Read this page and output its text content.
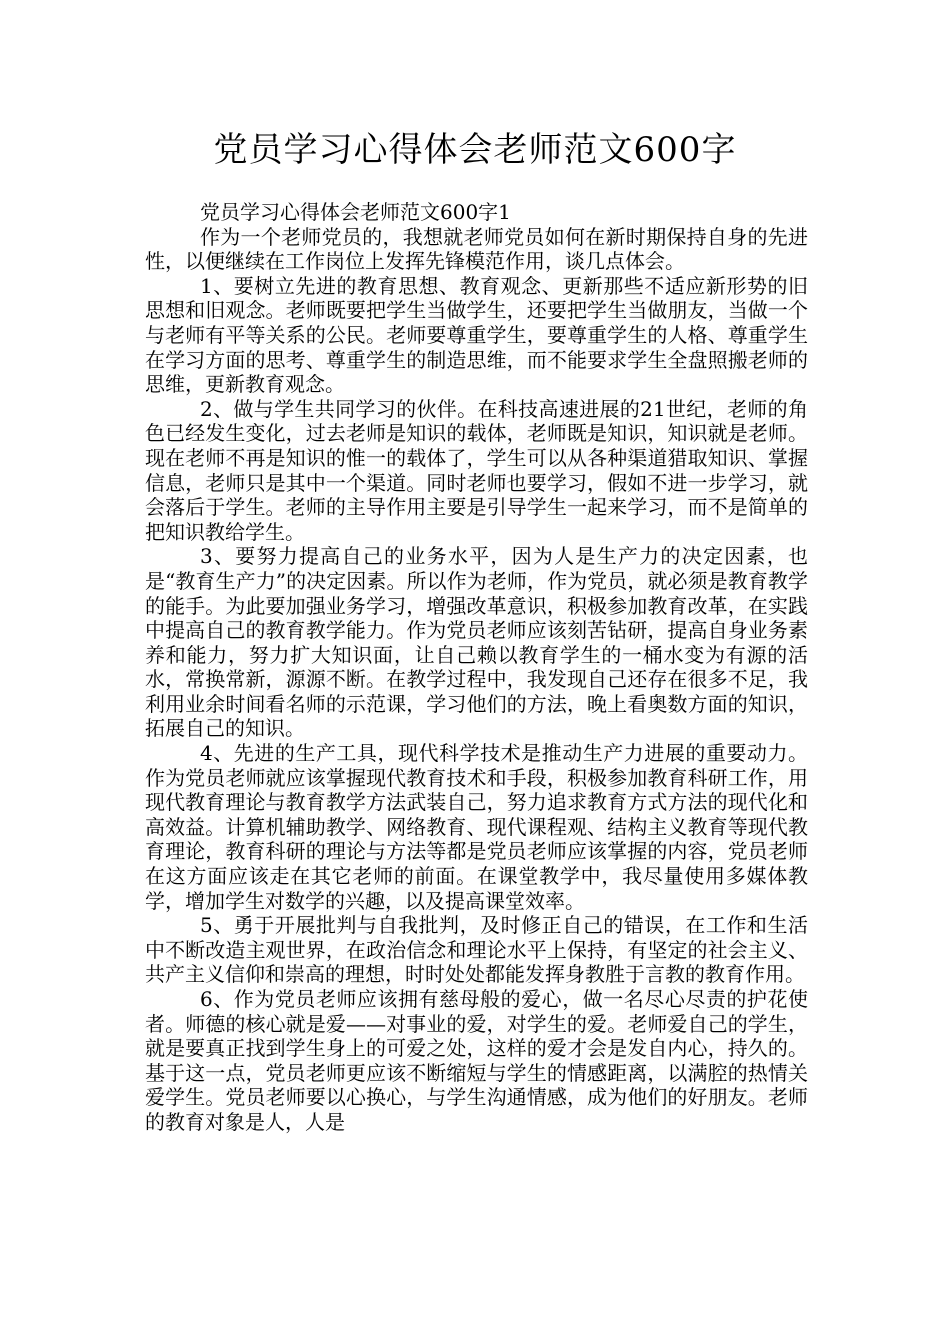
党员学习心得体会老师范文600字

党员学习心得体会老师范文600字1

作为一个老师党员的，我想就老师党员如何在新时期保持自身的先进性，以便继续在工作岗位上发挥先锋模范作用，谈几点体会。

1、要树立先进的教育思想、教育观念、更新那些不适应新形势的旧思想和旧观念。老师既要把学生当做学生，还要把学生当做朋友，当做一个与老师有平等关系的公民。老师要尊重学生，要尊重学生的人格、尊重学生在学习方面的思考、尊重学生的制造思维，而不能要求学生全盘照搬老师的思维，更新教育观念。

2、做与学生共同学习的伙伴。在科技高速进展的21世纪，老师的角色已经发生变化，过去老师是知识的载体，老师既是知识，知识就是老师。现在老师不再是知识的惟一的载体了，学生可以从各种渠道猎取知识、掌握信息，老师只是其中一个渠道。同时老师也要学习，假如不进一步学习，就会落后于学生。老师的主导作用主要是引导学生一起来学习，而不是简单的把知识教给学生。

3、要努力提高自己的业务水平，因为人是生产力的决定因素，也是“教育生产力”的决定因素。所以作为老师，作为党员，就必须是教育教学的能手。为此要加强业务学习，增强改革意识，积极参加教育改革，在实践中提高自己的教育教学能力。作为党员老师应该刻苦钻研，提高自身业务素养和能力，努力扩大知识面，让自己赖以教育学生的一桶水变为有源的活水，常换常新，源源不断。在教学过程中，我发现自己还存在很多不足，我利用业余时间看名师的示范课，学习他们的方法，晚上看奥数方面的知识，拓展自己的知识。

4、先进的生产工具，现代科学技术是推动生产力进展的重要动力。作为党员老师就应该掌握现代教育技术和手段，积极参加教育科研工作，用现代教育理论与教育教学方法武装自己，努力追求教育方式方法的现代化和高效益。计算机辅助教学、网络教育、现代课程观、结构主义教育等现代教育理论，教育科研的理论与方法等都是党员老师应该掌握的内容，党员老师在这方面应该走在其它老师的前面。在课堂教学中，我尽量使用多媒体教学，增加学生对数学的兴趣，以及提高课堂效率。

5、勇于开展批判与自我批判，及时修正自己的错误，在工作和生活中不断改造主观世界，在政治信念和理论水平上保持，有坚定的社会主义、共产主义信仰和崇高的理想，时时处处都能发挥身教胜于言教的教育作用。

6、作为党员老师应该拥有慈母般的爱心，做一名尽心尽责的护花使者。师德的核心就是爱——对事业的爱，对学生的爱。老师爱自己的学生，就是要真正找到学生身上的可爱之处，这样的爱才会是发自内心，持久的。基于这一点，党员老师更应该不断缩短与学生的情感距离，以满腔的热情关爱学生。党员老师要以心换心，与学生沟通情感，成为他们的好朋友。老师的教育对象是人，人是
